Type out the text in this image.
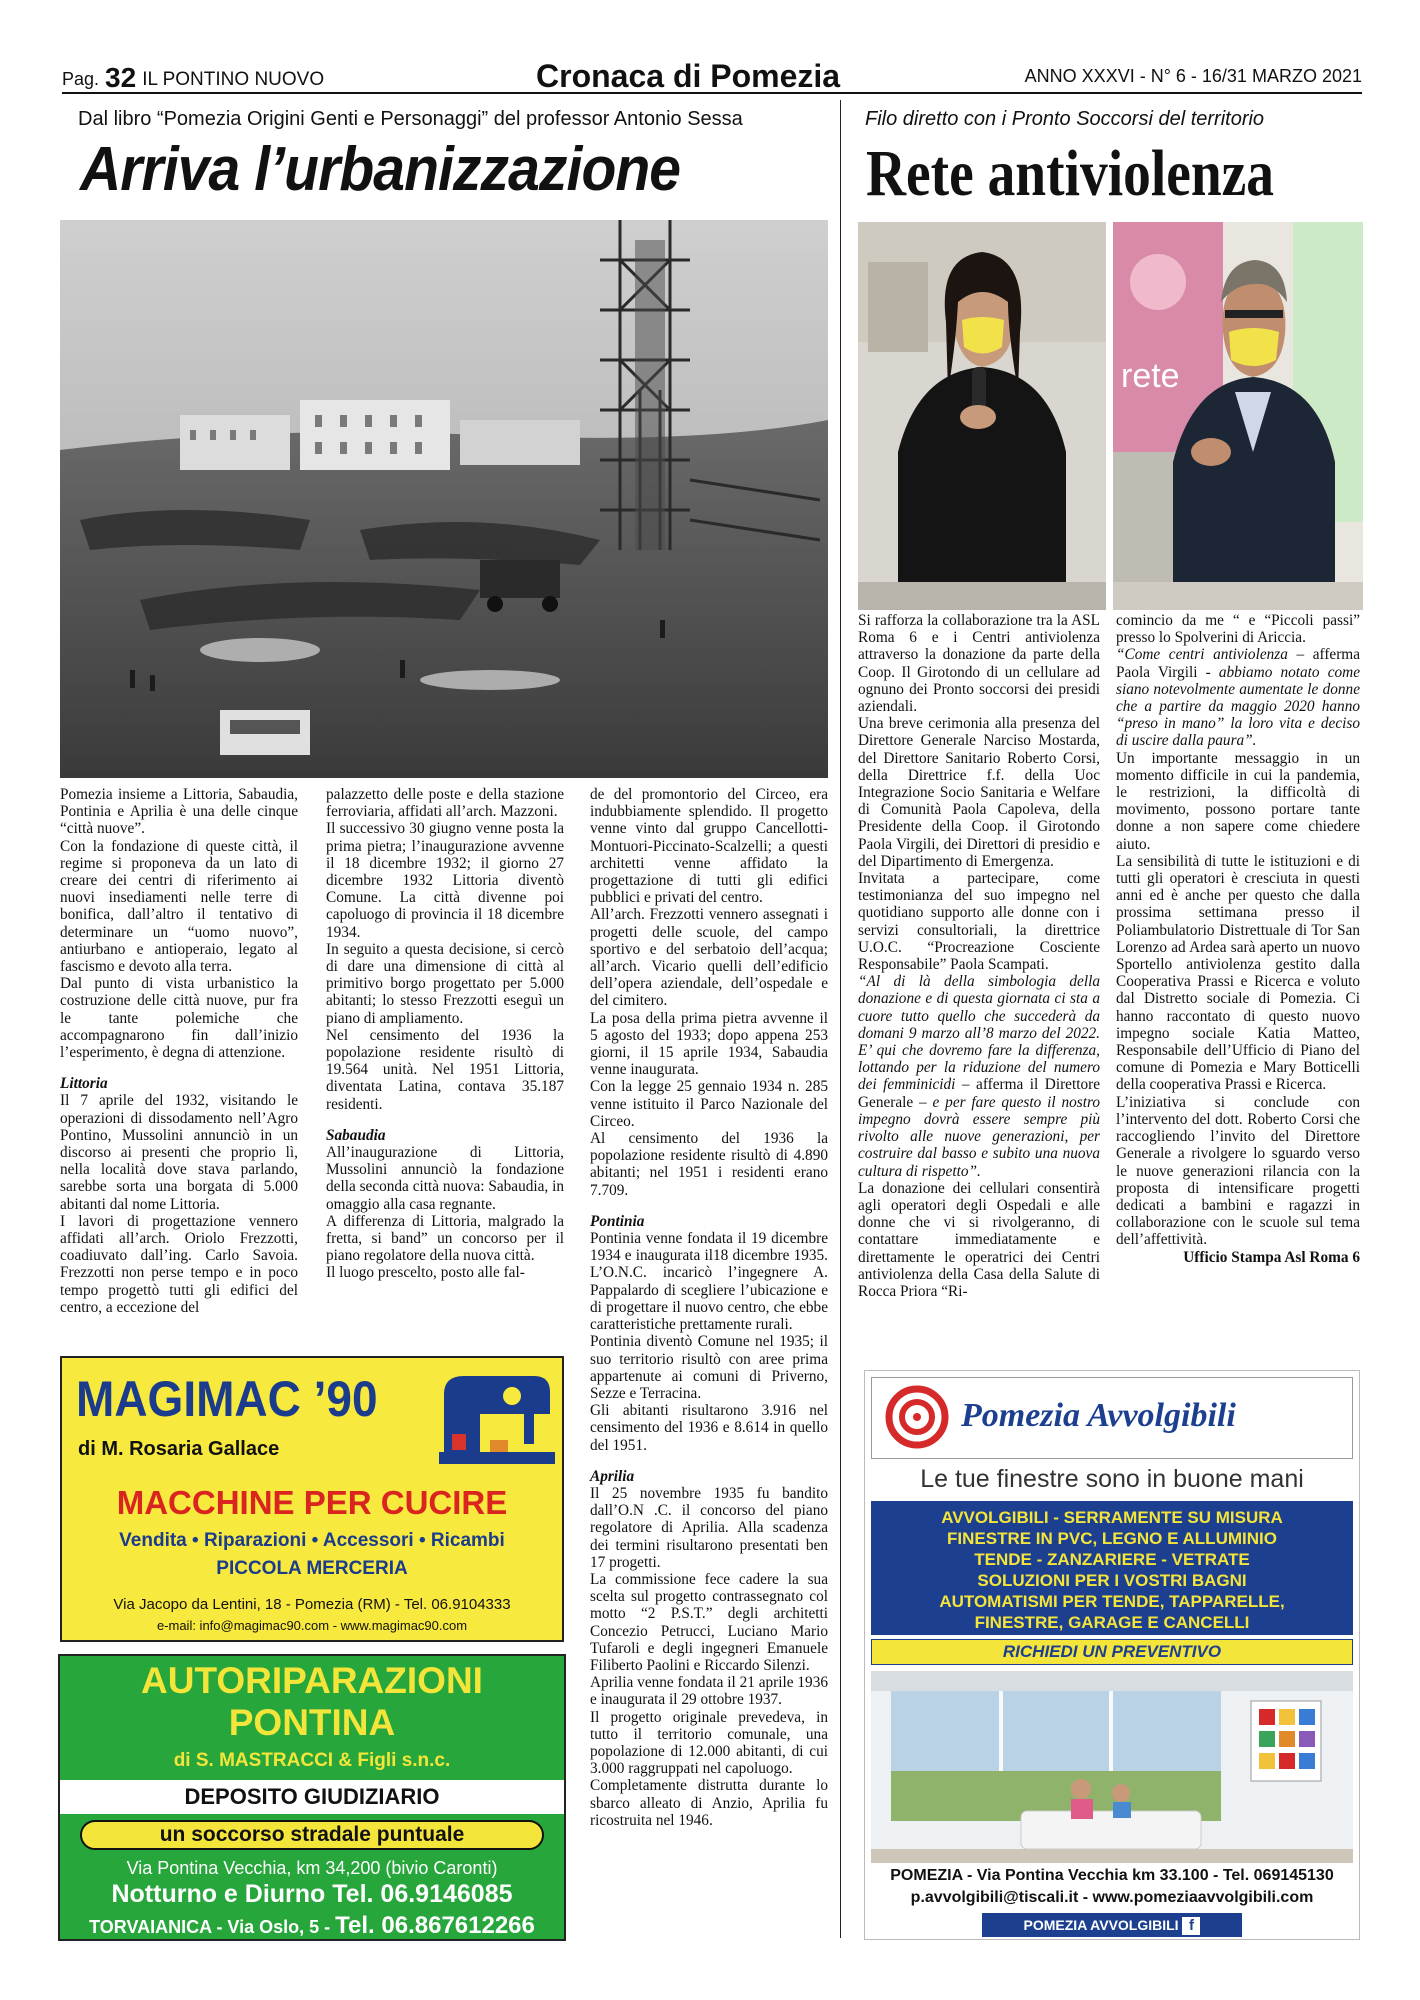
Pag. 32 IL PONTINO NUOVO	Cronaca di Pomezia	ANNO XXXVI - N° 6 - 16/31 MARZO 2021
Dal libro “Pomezia Origini Genti e Personaggi” del professor Antonio Sessa
Arriva l’urbanizzazione

Pomezia insieme a Littoria, Sabaudia, Pontinia e Aprilia è una delle cinque “città nuove”.

Con la fondazione di queste città, il regime si proponeva da un lato di creare dei centri di riferimento ai nuovi insediamenti nelle terre di bonifica, dall’altro il tentativo di determinare un “uomo nuovo”, antiurbano e antioperaio, legato al fascismo e devoto alla terra.

Dal punto di vista urbanistico la costruzione delle città nuove, pur fra le tante polemiche che accompagnarono fin dall’inizio l’esperimento, è degna di attenzione.

Littoria

Il 7 aprile del 1932, visitando le operazioni di dissodamento nell’Agro Pontino, Mussolini annunciò in un discorso ai presenti che proprio lì, nella località dove stava parlando, sarebbe sorta una borgata di 5.000 abitanti dal nome Littoria.

I lavori di progettazione vennero affidati all’arch. Oriolo Frezzotti, coadiuvato dall’ing. Carlo Savoia. Frezzotti non perse tempo e in poco tempo progettò tutti gli edifici del centro, a eccezione del

palazzetto delle poste e della stazione ferroviaria, affidati all’arch. Mazzoni.

Il successivo 30 giugno venne posta la prima pietra; l’inaugurazione avvenne il 18 dicembre 1932; il giorno 27 dicembre 1932 Littoria diventò Comune. La città divenne poi capoluogo di provincia il 18 dicembre 1934.

In seguito a questa decisione, si cercò di dare una dimensione di città al primitivo borgo progettato per 5.000 abitanti; lo stesso Frezzotti eseguì un piano di ampliamento.

Nel censimento del 1936 la popolazione residente risultò di 19.564 unità. Nel 1951 Littoria, diventata Latina, contava 35.187 residenti.

Sabaudia

All’inaugurazione di Littoria, Mussolini annunciò la fondazione della seconda città nuova: Sabaudia, in omaggio alla casa regnante.

A differenza di Littoria, malgrado la fretta, si band” un concorso per il piano regolatore della nuova città.

Il luogo prescelto, posto alle fal-

de del promontorio del Circeo, era indubbiamente splendido. Il progetto venne vinto dal gruppo Cancellotti-Montuori-Piccinato-Scalzelli; a questi architetti venne affidato la progettazione di tutti gli edifici pubblici e privati del centro.

All’arch. Frezzotti vennero assegnati i progetti delle scuole, del campo sportivo e del serbatoio dell’acqua; all’arch. Vicario quelli dell’edificio dell’opera aziendale, dell’ospedale e del cimitero.

La posa della prima pietra avvenne il 5 agosto del 1933; dopo appena 253 giorni, il 15 aprile 1934, Sabaudia venne inaugurata.

Con la legge 25 gennaio 1934 n. 285 venne istituito il Parco Nazionale del Circeo.

Al censimento del 1936 la popolazione residente risultò di 4.890 abitanti; nel 1951 i residenti erano 7.709.

Pontinia

Pontinia venne fondata il 19 dicembre 1934 e inaugurata il18 dicembre 1935. L’O.N.C. incaricò l’ingegnere A. Pappalardo di scegliere l’ubicazione e di progettare il nuovo centro, che ebbe caratteristiche prettamente rurali.

Pontinia diventò Comune nel 1935; il suo territorio risultò con aree prima appartenute ai comuni di Priverno, Sezze e Terracina.

Gli abitanti risultarono 3.916 nel censimento del 1936 e 8.614 in quello del 1951.

Aprilia

Il 25 novembre 1935 fu bandito dall’O.N .C. il concorso del piano regolatore di Aprilia. Alla scadenza dei termini risultarono presentati ben 17 progetti.

La commissione fece cadere la sua scelta sul progetto contrassegnato col motto “2 P.S.T.” degli architetti Concezio Petrucci, Luciano Mario Tufaroli e degli ingegneri Emanuele Filiberto Paolini e Riccardo Silenzi.

Aprilia venne fondata il 21 aprile 1936 e inaugurata il 29 ottobre 1937.

Il progetto originale prevedeva, in tutto il territorio comunale, una popolazione di 12.000 abitanti, di cui 3.000 raggruppati nel capoluogo.

Completamente distrutta durante lo sbarco alleato di Anzio, Aprilia fu ricostruita nel 1946.

Filo diretto con i Pronto Soccorsi del territorio
Rete antiviolenza
rete

Si rafforza la collaborazione tra la ASL Roma 6 e i Centri antiviolenza attraverso la donazione da parte della Coop. Il Girotondo di un cellulare ad ognuno dei Pronto soccorsi dei presidi aziendali.

Una breve cerimonia alla presenza del Direttore Generale Narciso Mostarda, del Direttore Sanitario Roberto Corsi, della Direttrice f.f. della Uoc Integrazione Socio Sanitaria e Welfare di Comunità Paola Capoleva, della Presidente della Coop. il Girotondo Paola Virgili, dei Direttori di presidio e del Dipartimento di Emergenza.

Invitata a partecipare, come testimonianza del suo impegno nel quotidiano supporto alle donne con i servizi consultoriali, la direttrice U.O.C. “Procreazione Cosciente Responsabile” Paola Scampati.

“Al di là della simbologia della donazione e di questa giornata ci sta a cuore tutto quello che succederà da domani 9 marzo all’8 marzo del 2022. E’ qui che dovremo fare la differenza, lottando per la riduzione del numero dei femminicidi – afferma il Direttore Generale – e per fare questo il nostro impegno dovrà essere sempre più rivolto alle nuove generazioni, per costruire dal basso e subito una nuova cultura di rispetto”.

La donazione dei cellulari consentirà agli operatori degli Ospedali e alle donne che vi si rivolgeranno, di contattare immediatamente e direttamente le operatrici dei Centri antiviolenza della Casa della Salute di Rocca Priora “Ri-

comincio da me “ e “Piccoli passi” presso lo Spolverini di Ariccia.

“Come centri antiviolenza – afferma Paola Virgili - abbiamo notato come siano notevolmente aumentate le donne che a partire da maggio 2020 hanno “preso in mano” la loro vita e deciso di uscire dalla paura”.

Un importante messaggio in un momento difficile in cui la pandemia, le restrizioni, la difficoltà di movimento, possono portare tante donne a non sapere come chiedere aiuto.

La sensibilità di tutte le istituzioni e di tutti gli operatori è cresciuta in questi anni ed è anche per questo che dalla prossima settimana presso il Poliambulatorio Distrettuale di Tor San Lorenzo ad Ardea sarà aperto un nuovo Sportello antiviolenza gestito dalla Cooperativa Prassi e Ricerca e voluto dal Distretto sociale di Pomezia. Ci hanno raccontato di questo nuovo impegno sociale Katia Matteo, Responsabile dell’Ufficio di Piano del comune di Pomezia e Mary Botticelli della cooperativa Prassi e Ricerca.

L’iniziativa si conclude con l’intervento del dott. Roberto Corsi che raccogliendo l’invito del Direttore Generale a rivolgere lo sguardo verso le nuove generazioni rilancia con la proposta di intensificare progetti dedicati a bambini e ragazzi in collaborazione con le scuole sul tema dell’affettività.

Ufficio Stampa Asl Roma 6

MAGIMAC ’90
di M. Rosaria Gallace
MACCHINE PER CUCIRE
Vendita • Riparazioni • Accessori • Ricambi
PICCOLA MERCERIA
Via Jacopo da Lentini, 18 - Pomezia (RM) - Tel. 06.9104333
e-mail: info@magimac90.com - www.magimac90.com
AUTORIPARAZIONI
PONTINA
di S. MASTRACCI & Figli s.n.c.
DEPOSITO GIUDIZIARIO
un soccorso stradale puntuale
Via Pontina Vecchia, km 34,200 (bivio Caronti)
Notturno e Diurno Tel. 06.9146085
TORVAIANICA - Via Oslo, 5 - Tel. 06.867612266
Pomezia Avvolgibili
Le tue finestre sono in buone mani
AVVOLGIBILI - SERRAMENTE SU MISURA
FINESTRE IN PVC, LEGNO E ALLUMINIO
TENDE - ZANZARIERE - VETRATE
SOLUZIONI PER I VOSTRI BAGNI
AUTOMATISMI PER TENDE, TAPPARELLE,
FINESTRE, GARAGE E CANCELLI
RICHIEDI UN PREVENTIVO
POMEZIA - Via Pontina Vecchia km 33.100 - Tel. 069145130
p.avvolgibili@tiscali.it - www.pomeziaavvolgibili.com
POMEZIA AVVOLGIBILI f
